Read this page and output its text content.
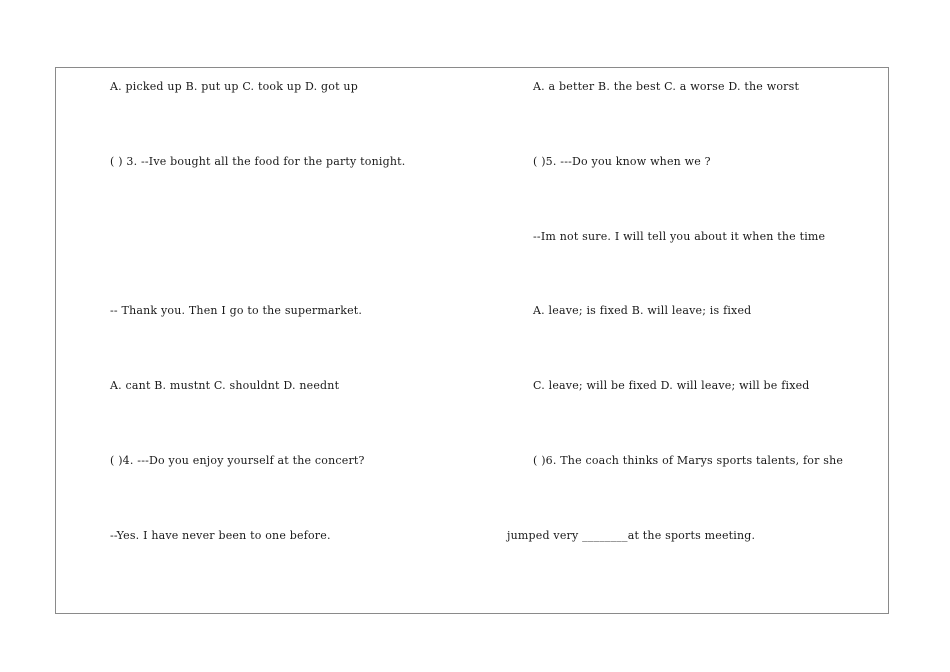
A. picked up B. put up C. took up D. got up
( ) 3. --Ive bought all the food for the party tonight.
-- Thank you. Then I go to the supermarket.
A. cant B. mustnt C. shouldnt D. neednt
( )4. ---Do you enjoy yourself at the concert?
--Yes. I have never been to one before.
A. a better B. the best C. a worse D. the worst
( )5. ---Do you know when we ?
--Im not sure. I will tell you about it when the time
A. leave; is fixed B. will leave; is fixed
C. leave; will be fixed D. will leave; will be fixed
( )6. The coach thinks of Marys sports talents, for she
jumped very ________at the sports meeting.
